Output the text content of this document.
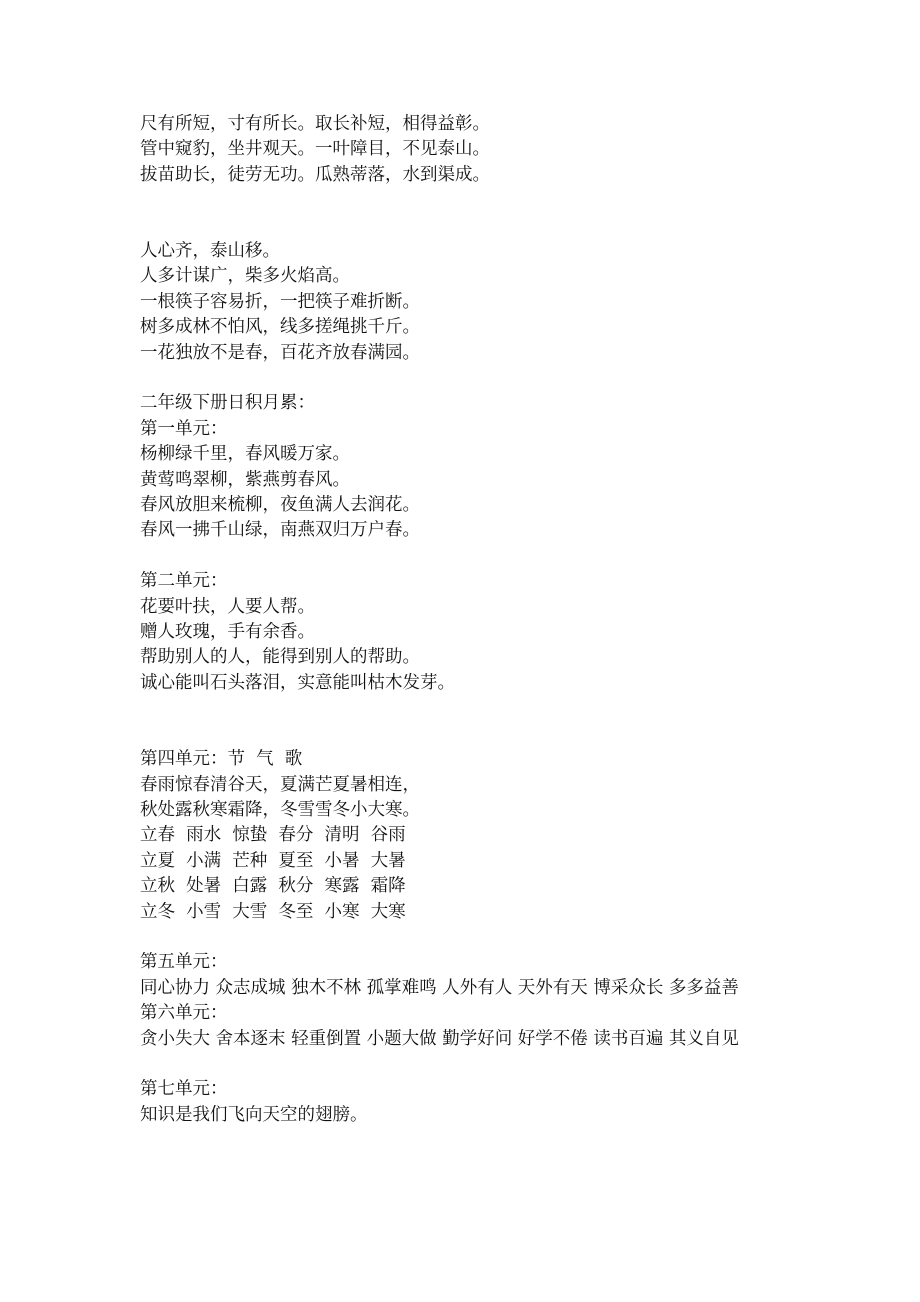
尺有所短，寸有所长。取长补短，相得益彰。
管中窥豹，坐井观天。一叶障目，不见泰山。
拔苗助长，徒劳无功。瓜熟蒂落，水到渠成。
人心齐，泰山移。
人多计谋广，柴多火焰高。
一根筷子容易折，一把筷子难折断。
树多成林不怕风，线多搓绳挑千斤。
一花独放不是春，百花齐放春满园。
二年级下册日积月累：
第一单元：
杨柳绿千里，春风暖万家。
黄莺鸣翠柳，紫燕剪春风。
春风放胆来梳柳，夜鱼满人去润花。
春风一拂千山绿，南燕双归万户春。
第二单元：
花要叶扶，人要人帮。
赠人玫瑰，手有余香。
帮助别人的人，能得到别人的帮助。
诚心能叫石头落泪，实意能叫枯木发芽。
第四单元：节  气  歌
春雨惊春清谷天，夏满芒夏暑相连，
秋处露秋寒霜降，冬雪雪冬小大寒。
立春  雨水  惊蛰  春分  清明  谷雨
立夏  小满  芒种  夏至  小暑  大暑
立秋  处暑  白露  秋分  寒露  霜降
立冬  小雪  大雪  冬至  小寒  大寒
第五单元：
同心协力 众志成城 独木不林 孤掌难鸣 人外有人 天外有天 博采众长 多多益善
第六单元：
贪小失大 舍本逐末 轻重倒置 小题大做 勤学好问 好学不倦 读书百遍 其义自见
第七单元：
知识是我们飞向天空的翅膀。
